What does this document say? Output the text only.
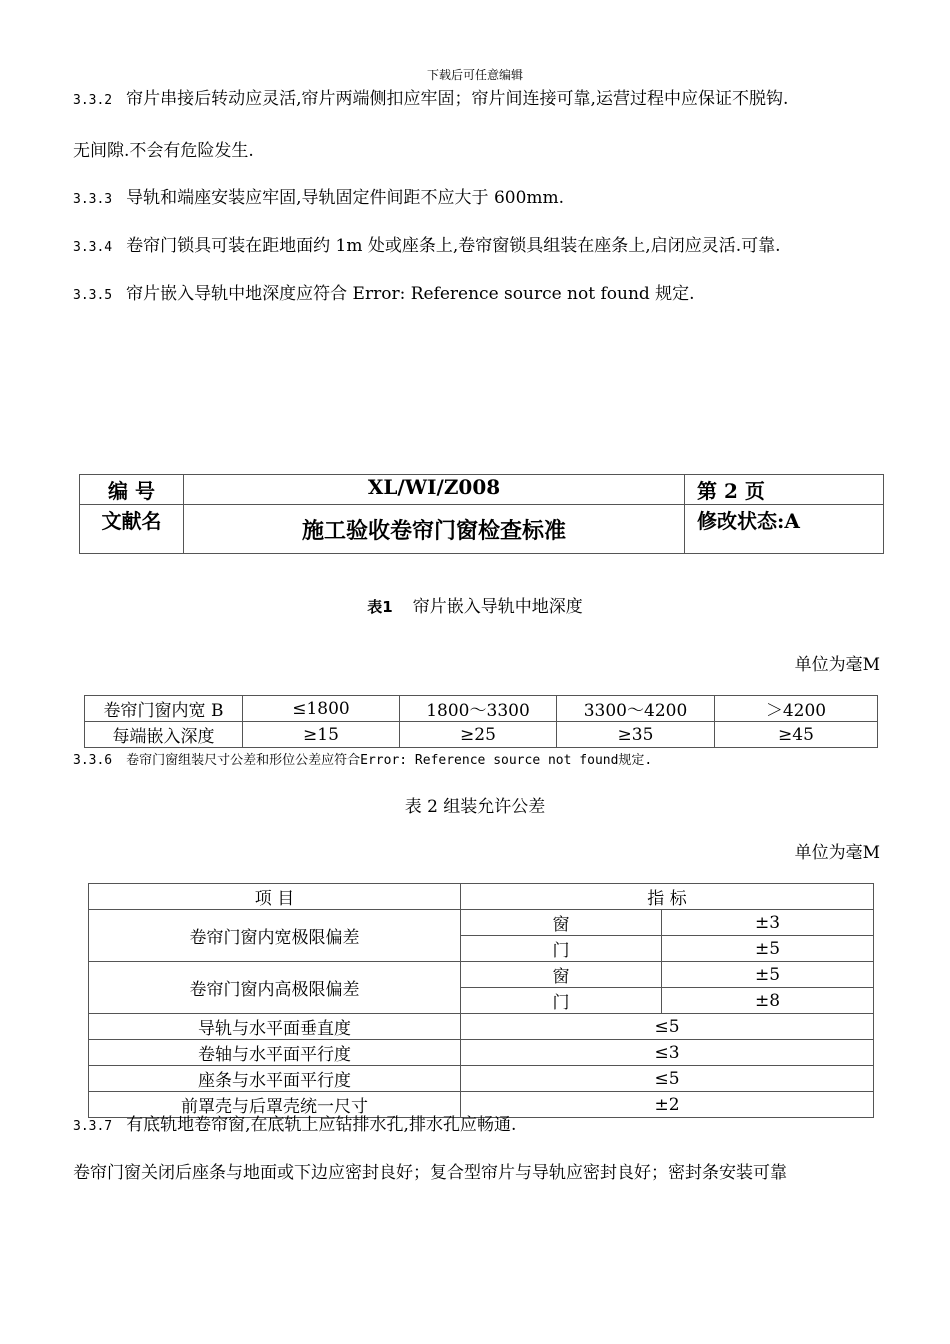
下载后可任意编辑
3.3.2 帘片串接后转动应灵活,帘片两端侧扣应牢固；帘片间连接可靠,运营过程中应保证不脱钩.
无间隙.不会有危险发生.
3.3.3 导轨和端座安装应牢固,导轨固定件间距不应大于 600mm.
3.3.4 卷帘门锁具可装在距地面约 1m 处或座条上,卷帘窗锁具组装在座条上,启闭应灵活.可靠.
3.3.5 帘片嵌入导轨中地深度应符合 Error: Reference source not found 规定.
编 号	XL/WI/Z008	第 2 页
文献名	施工验收卷帘门窗检查标准	修改状态:A
表1 帘片嵌入导轨中地深度
单位为毫M
卷帘门窗内宽 B	≤1800	1800～3300	3300～4200	＞4200
每端嵌入深度	≥15	≥25	≥35	≥45
3.3.6 卷帘门窗组装尺寸公差和形位公差应符合Error: Reference source not found规定.
表 2 组装允许公差
单位为毫M
项 目	指 标	
卷帘门窗内宽极限偏差	窗	±3
	门	±5
卷帘门窗内高极限偏差	窗	±5
	门	±8
导轨与水平面垂直度	≤5	
卷轴与水平面平行度	≤3	
座条与水平面平行度	≤5	
前罩壳与后罩壳统一尺寸	±2	
3.3.7 有底轨地卷帘窗,在底轨上应钻排水孔,排水孔应畅通.
卷帘门窗关闭后座条与地面或下边应密封良好；复合型帘片与导轨应密封良好；密封条安装可靠
